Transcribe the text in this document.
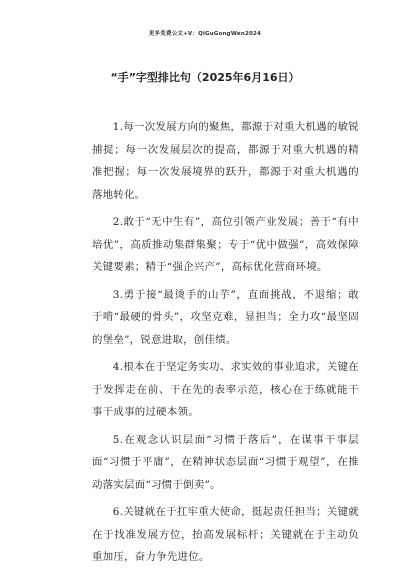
更多免费公文+V：QiGuGongWen2024
“手”字型排比句（2025年6月16日）

1.每一次发展方向的聚焦，都源于对重大机遇的敏锐捕捉；每一次发展层次的提高，都源于对重大机遇的精准把握；每一次发展境界的跃升，都源于对重大机遇的落地转化。

2.敢于“无中生有”，高位引领产业发展；善于“有中培优”，高质推动集群集聚；专于“优中做强”，高效保障关键要素；精于“强企兴产”，高标优化营商环境。

3.勇于接“最烫手的山芋”，直面挑战，不退缩；敢于啃“最硬的骨头”，攻坚克难，显担当；全力攻“最坚固的堡垒”，锐意进取，创佳绩。

4.根本在于坚定务实功、求实效的事业追求，关键在于发挥走在前、干在先的表率示范，核心在于练就能干事干成事的过硬本领。

5.在观念认识层面“习惯于落后”，在谋事干事层面“习惯于平庸”，在精神状态层面“习惯于观望”，在推动落实层面“习惯于倒卖”。

6.关键就在于扛牢重大使命，挺起责任担当；关键就在于找准发展方位，抬高发展标杆；关键就在于主动负重加压，奋力争先进位。
